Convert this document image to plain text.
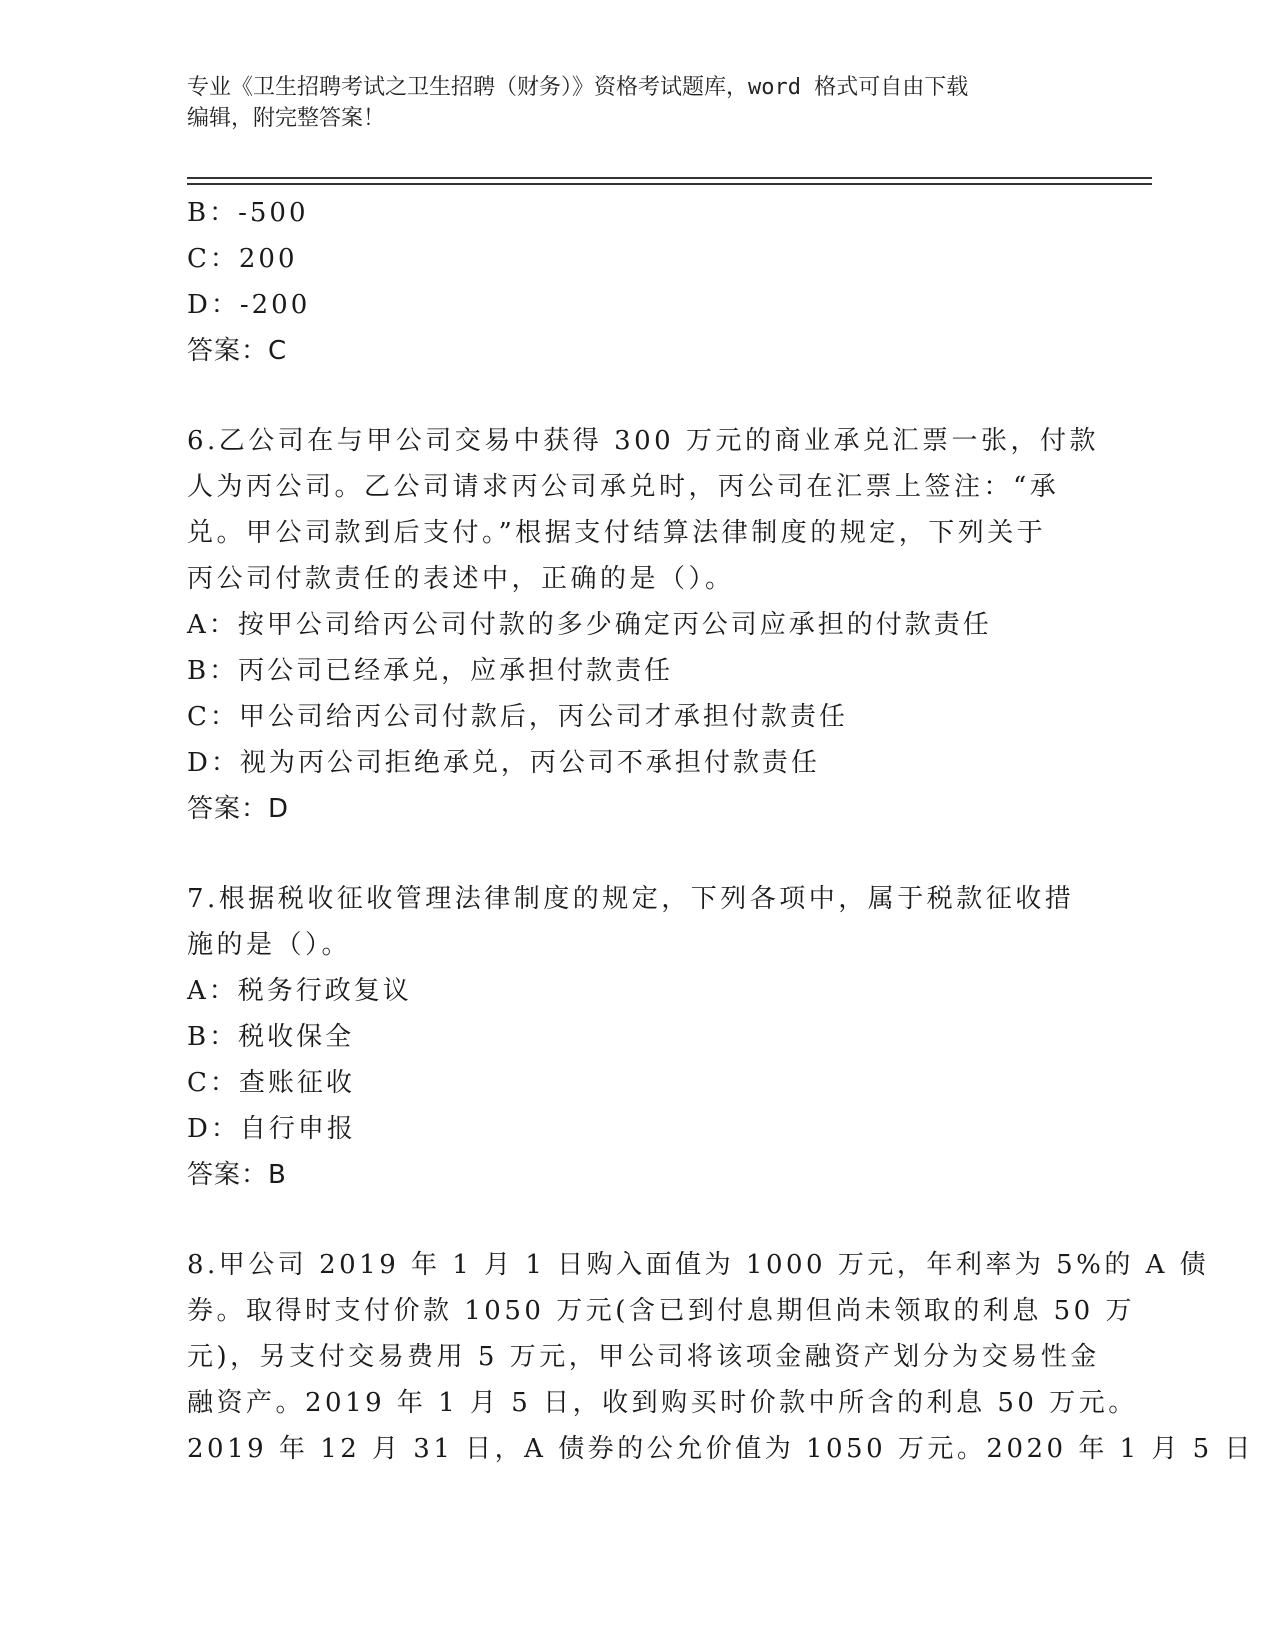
专业《卫生招聘考试之卫生招聘（财务）》资格考试题库，word 格式可自由下载
编辑，附完整答案！
B：-500
C：200
D：-200
答案：C
6.乙公司在与甲公司交易中获得 300 万元的商业承兑汇票一张，付款
人为丙公司。乙公司请求丙公司承兑时，丙公司在汇票上签注：“承
兑。甲公司款到后支付。”根据支付结算法律制度的规定，下列关于
丙公司付款责任的表述中，正确的是（）。
A：按甲公司给丙公司付款的多少确定丙公司应承担的付款责任
B：丙公司已经承兑，应承担付款责任
C：甲公司给丙公司付款后，丙公司才承担付款责任
D：视为丙公司拒绝承兑，丙公司不承担付款责任
答案：D
7.根据税收征收管理法律制度的规定，下列各项中，属于税款征收措
施的是（）。
A：税务行政复议
B：税收保全
C：查账征收
D：自行申报
答案：B
8.甲公司 2019 年 1 月 1 日购入面值为 1000 万元，年利率为 5%的 A 债
券。取得时支付价款 1050 万元(含已到付息期但尚未领取的利息 50 万
元)，另支付交易费用 5 万元，甲公司将该项金融资产划分为交易性金
融资产。2019 年 1 月 5 日，收到购买时价款中所含的利息 50 万元。
2019 年 12 月 31 日，A 债券的公允价值为 1050 万元。2020 年 1 月 5 日
